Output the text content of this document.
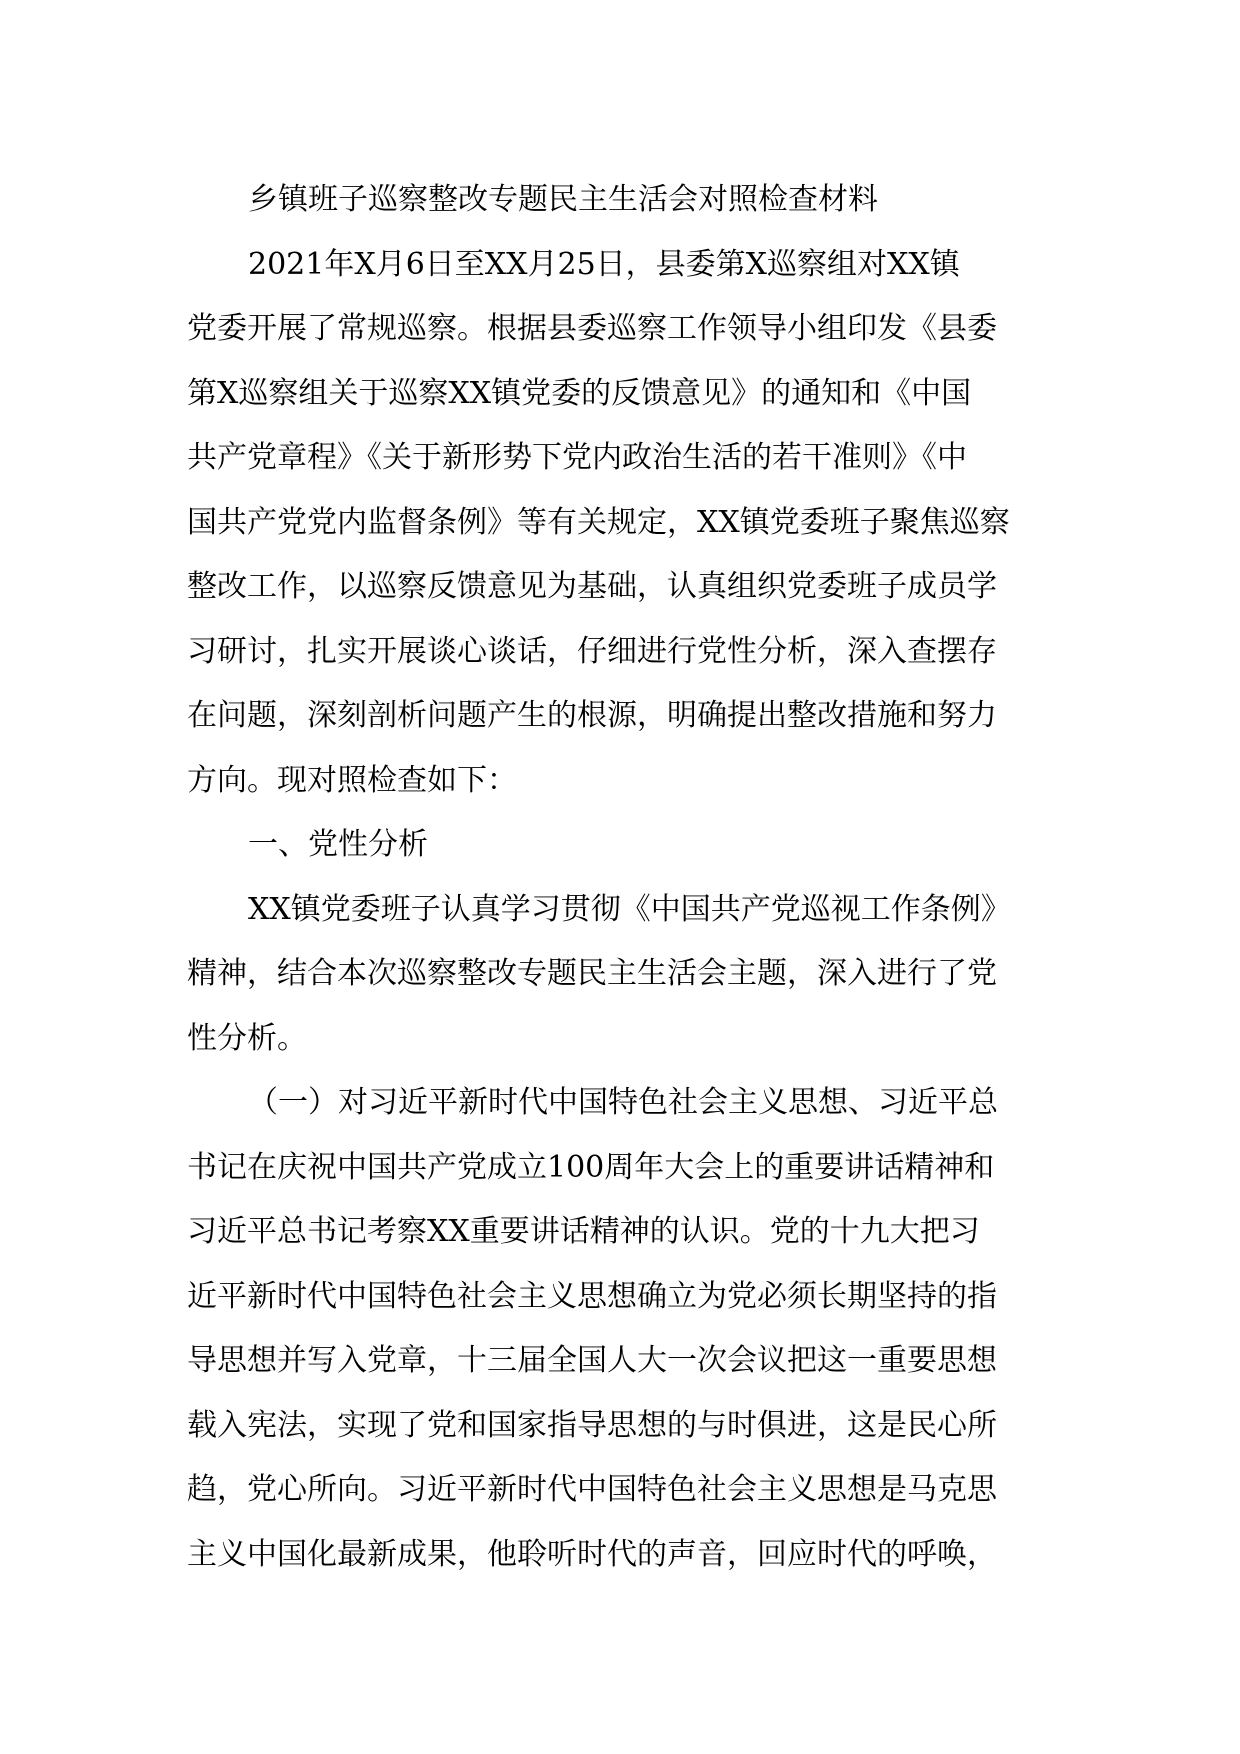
乡镇班子巡察整改专题民主生活会对照检查材料
2021年X月6日至XX月25日，县委第X巡察组对XX镇
党委开展了常规巡察。根据县委巡察工作领导小组印发《县委
第X巡察组关于巡察XX镇党委的反馈意见》的通知和《中国
共产党章程》《关于新形势下党内政治生活的若干准则》《中
国共产党党内监督条例》等有关规定，XX镇党委班子聚焦巡察
整改工作，以巡察反馈意见为基础，认真组织党委班子成员学
习研讨，扎实开展谈心谈话，仔细进行党性分析，深入查摆存
在问题，深刻剖析问题产生的根源，明确提出整改措施和努力
方向。现对照检查如下：
一、党性分析
XX镇党委班子认真学习贯彻《中国共产党巡视工作条例》
精神，结合本次巡察整改专题民主生活会主题，深入进行了党
性分析。
（一）对习近平新时代中国特色社会主义思想、习近平总
书记在庆祝中国共产党成立100周年大会上的重要讲话精神和
习近平总书记考察XX重要讲话精神的认识。党的十九大把习
近平新时代中国特色社会主义思想确立为党必须长期坚持的指
导思想并写入党章，十三届全国人大一次会议把这一重要思想
载入宪法，实现了党和国家指导思想的与时俱进，这是民心所
趋，党心所向。习近平新时代中国特色社会主义思想是马克思
主义中国化最新成果，他聆听时代的声音，回应时代的呼唤，
